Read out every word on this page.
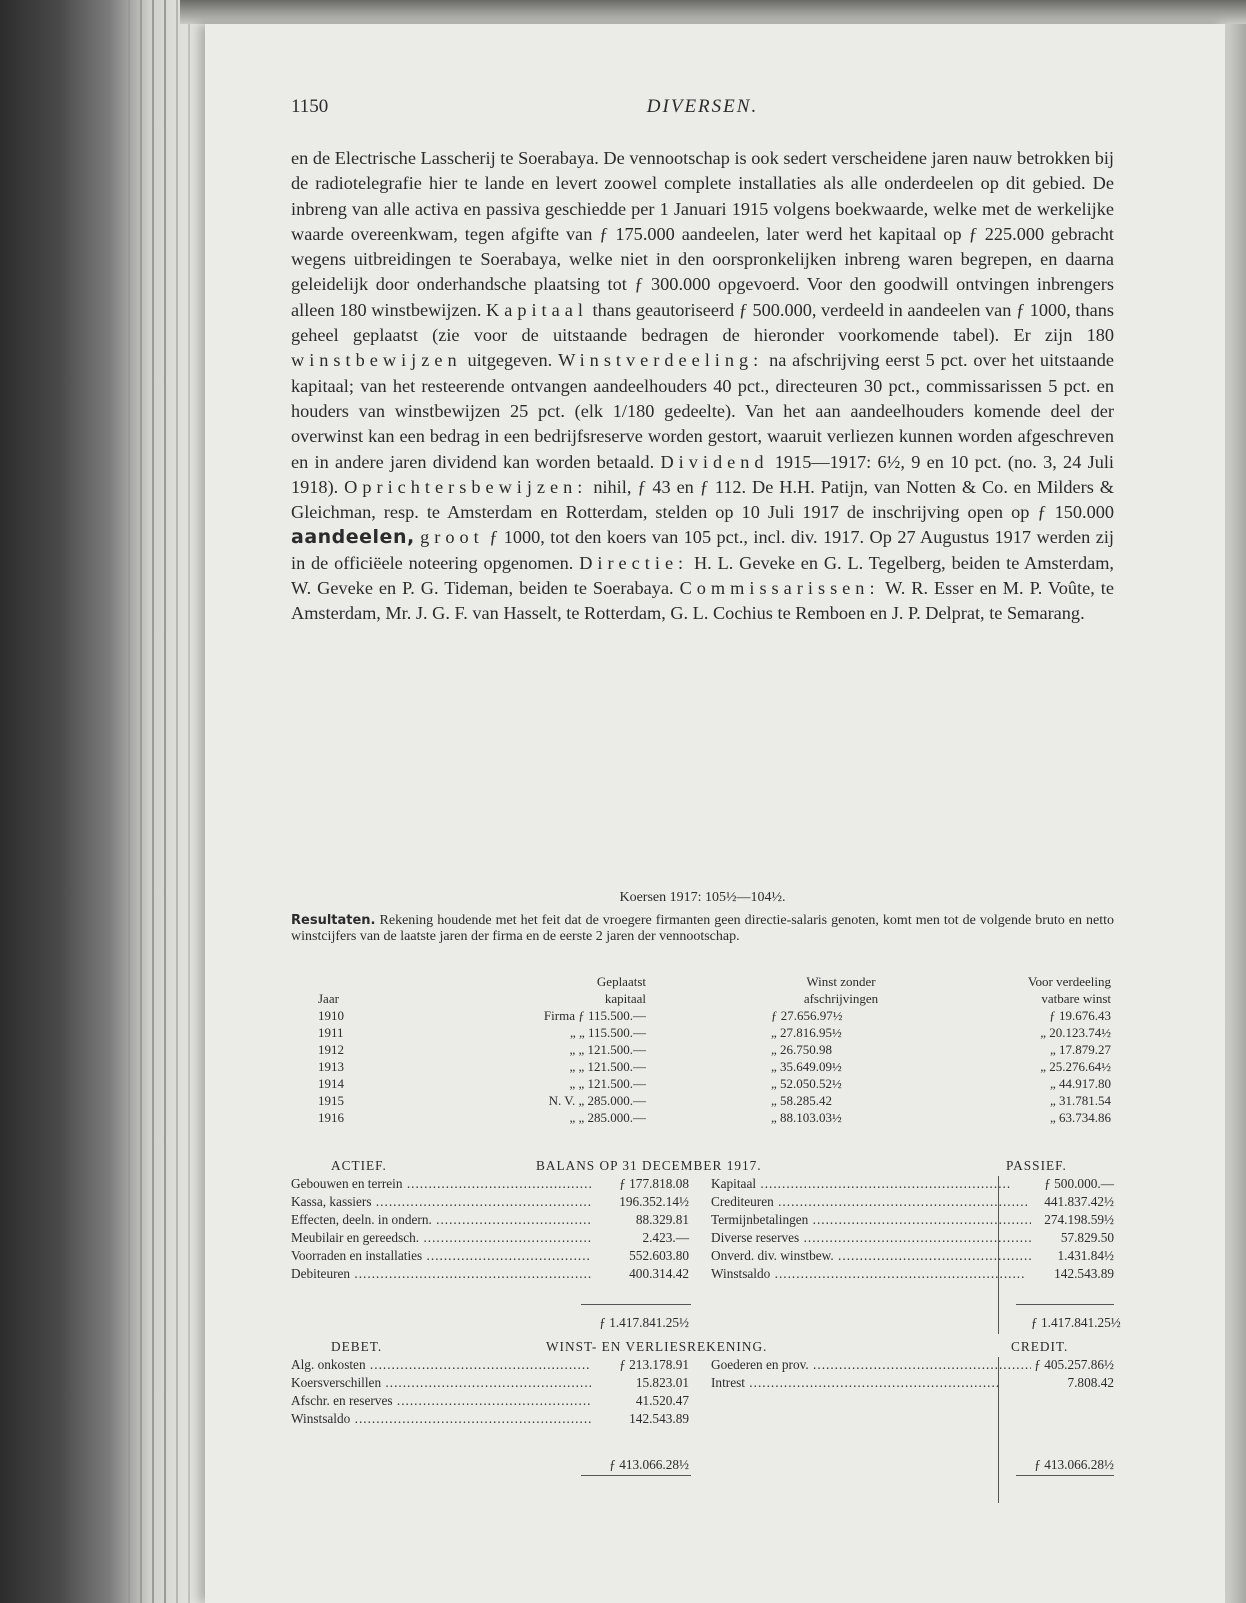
1150	DIVERSEN.

en de Electrische Lasscherij te Soerabaya. De vennootschap is ook sedert verscheidene jaren nauw betrokken bij de radiotelegrafie hier te lande en levert zoowel complete installaties als alle onderdeelen op dit gebied. De inbreng van alle activa en passiva geschiedde per 1 Januari 1915 volgens boekwaarde, welke met de werkelijke waarde overeenkwam, tegen afgifte van ƒ 175.000 aandeelen, later werd het kapitaal op ƒ 225.000 gebracht wegens uitbreidingen te Soerabaya, welke niet in den oorspronkelijken inbreng waren begrepen, en daarna geleidelijk door onderhandsche plaatsing tot ƒ 300.000 opgevoerd. Voor den goodwill ontvingen inbrengers alleen 180 winstbewijzen. Kapitaal thans geautoriseerd ƒ 500.000, verdeeld in aandeelen van ƒ 1000, thans geheel geplaatst (zie voor de uitstaande bedragen de hieronder voorkomende tabel). Er zijn 180 winstbewijzen uitgegeven. Winstverdeeling: na afschrijving eerst 5 pct. over het uitstaande kapitaal; van het resteerende ontvangen aandeelhouders 40 pct., directeuren 30 pct., commissarissen 5 pct. en houders van winstbewijzen 25 pct. (elk 1/180 gedeelte). Van het aan aandeelhouders komende deel der overwinst kan een bedrag in een bedrijfsreserve worden gestort, waaruit verliezen kunnen worden afgeschreven en in andere jaren dividend kan worden betaald. Dividend 1915—1917: 6½, 9 en 10 pct. (no. 3, 24 Juli 1918). Oprichtersbewijzen: nihil, ƒ 43 en ƒ 112. De H.H. Patijn, van Notten & Co. en Milders & Gleichman, resp. te Amsterdam en Rotterdam, stelden op 10 Juli 1917 de inschrijving open op ƒ 150.000 aandeelen, groot ƒ 1000, tot den koers van 105 pct., incl. div. 1917. Op 27 Augustus 1917 werden zij in de officiëele noteering opgenomen. Directie: H. L. Geveke en G. L. Tegelberg, beiden te Amsterdam, W. Geveke en P. G. Tideman, beiden te Soerabaya. Commissarissen: W. R. Esser en M. P. Voûte, te Amsterdam, Mr. J. G. F. van Hasselt, te Rotterdam, G. L. Cochius te Remboen en J. P. Delprat, te Semarang.

Koersen 1917: 105½—104½.
Resultaten. Rekening houdende met het feit dat de vroegere firmanten geen directie-salaris genoten, komt men tot de volgende bruto en netto winstcijfers van de laatste jaren der firma en de eerste 2 jaren der vennootschap.
Geplaatst	Winst zonder	Voor verdeeling
Jaar	kapitaal	afschrijvingen	vatbare winst
1910	Firma ƒ 115.500.—	ƒ 27.656.97½	ƒ 19.676.43
1911	„ „ 115.500.—	„ 27.816.95½	„ 20.123.74½
1912	„ „ 121.500.—	„ 26.750.98	„ 17.879.27
1913	„ „ 121.500.—	„ 35.649.09½	„ 25.276.64½
1914	„ „ 121.500.—	„ 52.050.52½	„ 44.917.80
1915	N. V. „ 285.000.—	„ 58.285.42	„ 31.781.54
1916	„ „ 285.000.—	„ 88.103.03½	„ 63.734.86
ACTIEF.	BALANS OP 31 DECEMBER 1917.	PASSIEF.
Gebouwen en terrein .....	ƒ 177.818.08 Kapitaal .....	ƒ 500.000.—
Kassa, kassiers .....	196.352.14½ Crediteuren .....	441.837.42½
Effecten, deeln. in ondern. .....	88.329.81 Termijnbetalingen .....	274.198.59½
Meubilair en gereedsch. .....	2.423.— Diverse reserves .....	57.829.50
Voorraden en installaties .....	552.603.80 Onverd. div. winstbew. .....	1.431.84½
Debiteuren .....	400.314.42 Winstsaldo .....	142.543.89
ƒ 1.417.841.25½	ƒ 1.417.841.25½
DEBET.	WINST- EN VERLIESREKENING.	CREDIT.
Alg. onkosten .....	ƒ 213.178.91 Goederen en prov. .....	ƒ 405.257.86½
Koersverschillen .....	15.823.01 Intrest .....	7.808.42
Afschr. en reserves .....	41.520.47
Winstsaldo .....	142.543.89
ƒ 413.066.28½	ƒ 413.066.28½
